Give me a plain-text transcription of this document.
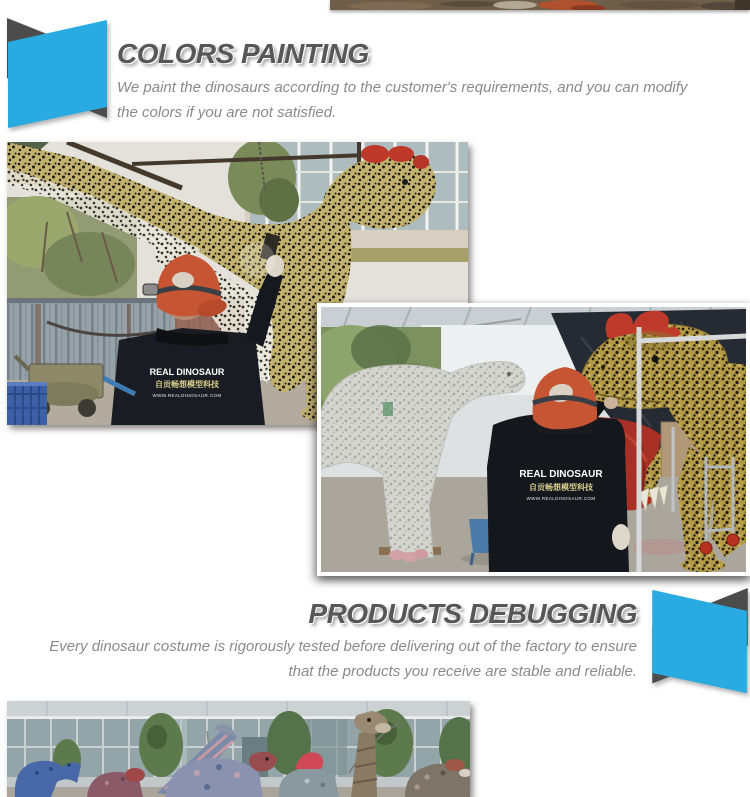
COLORS PAINTING
We paint the dinosaurs according to the customer's requirements, and you can modify
the colors if you are not satisfied.
REAL DINOSAUR
自贡畅想模型科技
WWW.REALDINOSAUR.COM
REAL DINOSAUR
自贡畅想模型科技
WWW.REALDINOSAUR.COM
PRODUCTS DEBUGGING
Every dinosaur costume is rigorously tested before delivering out of the factory to ensure
that the products you receive are stable and reliable.
